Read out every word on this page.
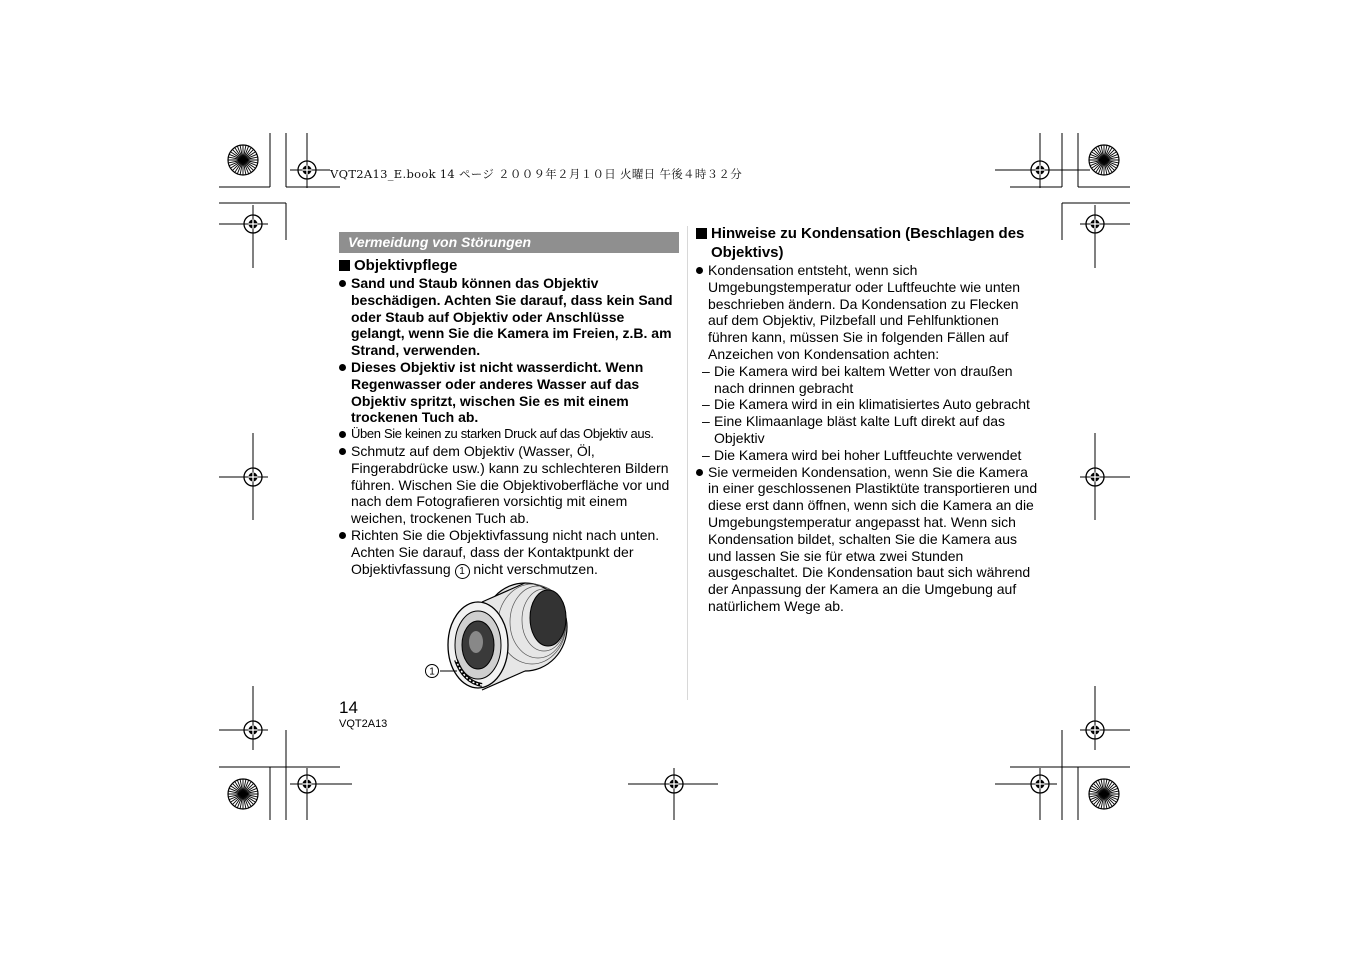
VQT2A13_E.book 14 ページ ２００９年２月１０日 火曜日 午後４時３２分
Vermeidung von Störungen
Objektivpflege
Sand und Staub können das Objektiv beschädigen. Achten Sie darauf, dass kein Sand oder Staub auf Objektiv oder Anschlüsse gelangt, wenn Sie die Kamera im Freien, z.B. am Strand, verwenden.
Dieses Objektiv ist nicht wasserdicht. Wenn Regenwasser oder anderes Wasser auf das Objektiv spritzt, wischen Sie es mit einem trockenen Tuch ab.
Üben Sie keinen zu starken Druck auf das Objektiv aus.
Schmutz auf dem Objektiv (Wasser, Öl, Fingerabdrücke usw.) kann zu schlechteren Bildern führen. Wischen Sie die Objektivoberfläche vor und nach dem Fotografieren vorsichtig mit einem weichen, trockenen Tuch ab.
Richten Sie die Objektivfassung nicht nach unten. Achten Sie darauf, dass der Kontaktpunkt der Objektivfassung 1 nicht verschmutzen.
1
Hinweise zu Kondensation (Beschlagen des Objektivs)
Kondensation entsteht, wenn sich Umgebungstemperatur oder Luftfeuchte wie unten beschrieben ändern. Da Kondensation zu Flecken auf dem Objektiv, Pilzbefall und Fehlfunktionen führen kann, müssen Sie in folgenden Fällen auf Anzeichen von Kondensation achten:
– Die Kamera wird bei kaltem Wetter von draußen nach drinnen gebracht
– Die Kamera wird in ein klimatisiertes Auto gebracht
– Eine Klimaanlage bläst kalte Luft direkt auf das Objektiv
– Die Kamera wird bei hoher Luftfeuchte verwendet
Sie vermeiden Kondensation, wenn Sie die Kamera in einer geschlossenen Plastiktüte transportieren und diese erst dann öffnen, wenn sich die Kamera an die Umgebungstemperatur angepasst hat. Wenn sich Kondensation bildet, schalten Sie die Kamera aus und lassen Sie sie für etwa zwei Stunden ausgeschaltet. Die Kondensation baut sich während der Anpassung der Kamera an die Umgebung auf natürlichem Wege ab.
14
VQT2A13
